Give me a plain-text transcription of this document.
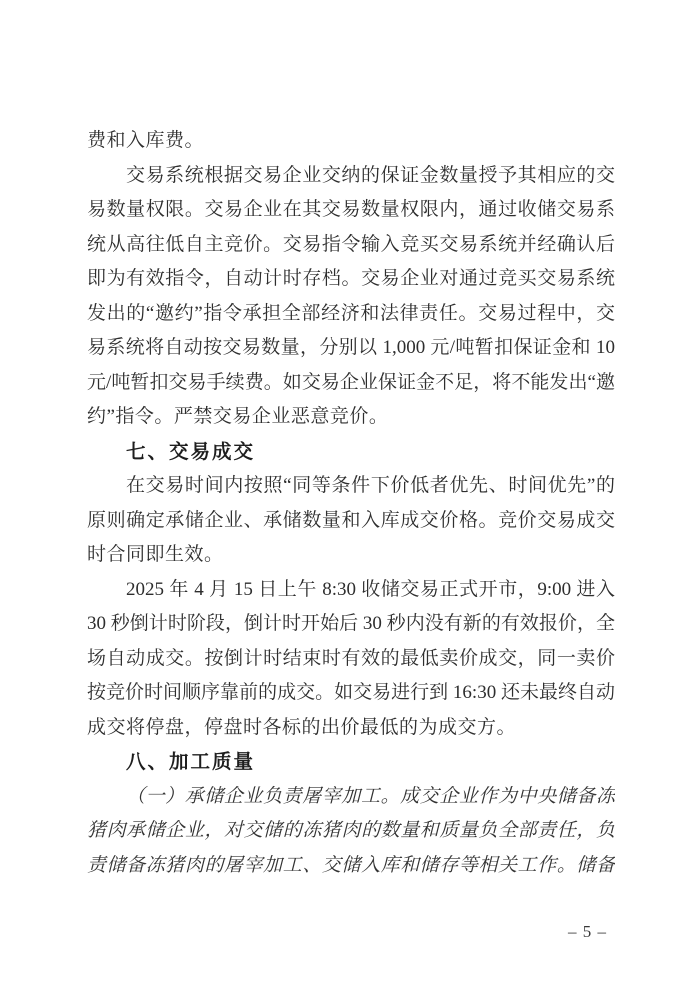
费和入库费。
交易系统根据交易企业交纳的保证金数量授予其相应的交
易数量权限。交易企业在其交易数量权限内，通过收储交易系
统从高往低自主竞价。交易指令输入竞买交易系统并经确认后
即为有效指令，自动计时存档。交易企业对通过竞买交易系统
发出的“邀约”指令承担全部经济和法律责任。交易过程中，交
易系统将自动按交易数量，分别以 1,000 元/吨暂扣保证金和 10
元/吨暂扣交易手续费。如交易企业保证金不足，将不能发出“邀
约”指令。严禁交易企业恶意竞价。
七、交易成交
在交易时间内按照“同等条件下价低者优先、时间优先”的
原则确定承储企业、承储数量和入库成交价格。竞价交易成交
时合同即生效。
2025 年 4 月 15 日上午 8:30 收储交易正式开市，9:00 进入
30 秒倒计时阶段，倒计时开始后 30 秒内没有新的有效报价，全
场自动成交。按倒计时结束时有效的最低卖价成交，同一卖价
按竞价时间顺序靠前的成交。如交易进行到 16:30 还未最终自动
成交将停盘，停盘时各标的出价最低的为成交方。
八、加工质量
（一）承储企业负责屠宰加工。成交企业作为中央储备冻
猪肉承储企业，对交储的冻猪肉的数量和质量负全部责任，负
责储备冻猪肉的屠宰加工、交储入库和储存等相关工作。储备
– 5 –
